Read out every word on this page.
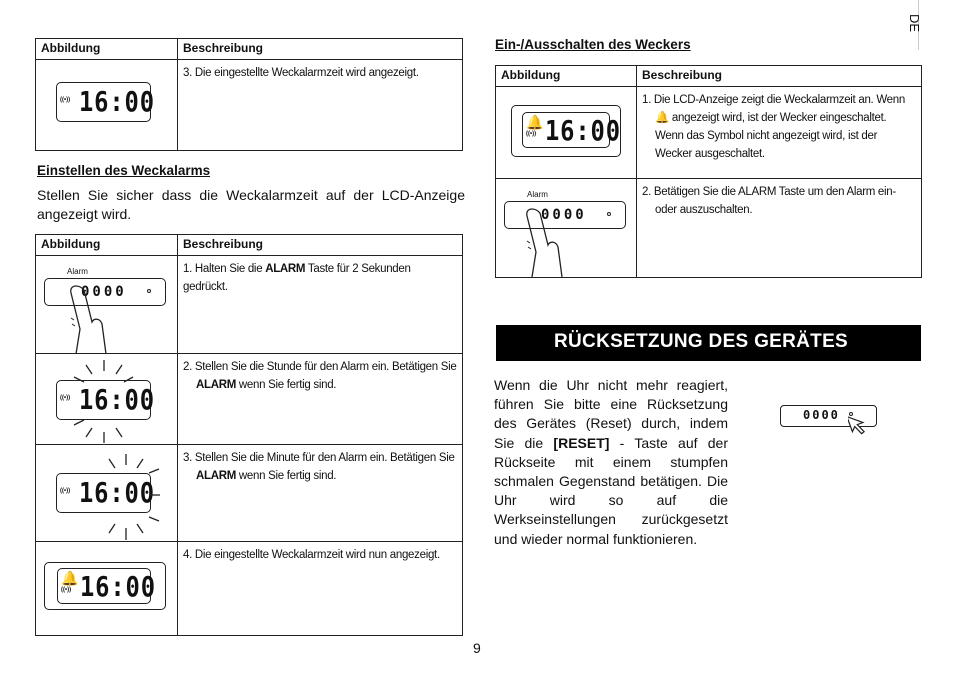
DE
Abbildung	Beschreibung

((•)) 16:00	3. Die eingestellte Weckalarmzeit wird angezeigt.
Einstellen des Weckalarms
Stellen Sie sicher dass die Weckalarmzeit auf der LCD-Anzeige angezeigt wird.
Abbildung	Beschreibung

Alarm
0000	1. Halten Sie die ALARM Taste für 2 Sekunden gedrückt.

((•)) 16:00	2. Stellen Sie die Stunde für den Alarm ein. Betätigen Sie ALARM wenn Sie fertig sind.

((•)) 16:00	3. Stellen Sie die Minute für den Alarm ein. Betätigen Sie ALARM wenn Sie fertig sind.

🔔
((•)) 16:00	4. Die eingestellte Weckalarmzeit wird nun angezeigt.
Ein-/Ausschalten des Weckers
Abbildung	Beschreibung

🔔
((•)) 16:00	1. Die LCD-Anzeige zeigt die Weckalarmzeit an. Wenn 🔔 angezeigt wird, ist der Wecker eingeschaltet. Wenn das Symbol nicht angezeigt wird, ist der Wecker ausgeschaltet.

Alarm
0000	2. Betätigen Sie die ALARM Taste um den Alarm ein- oder auszuschalten.
RÜCKSETZUNG DES GERÄTES
Wenn die Uhr nicht mehr reagiert, führen Sie bitte eine Rücksetzung des Gerätes (Reset) durch, indem Sie die [RESET] - Taste auf der Rückseite mit einem stumpfen schmalen Gegenstand betätigen. Die Uhr wird so auf die Werkseinstellungen zurückgesetzt und wieder normal funktionieren.
0000
9
